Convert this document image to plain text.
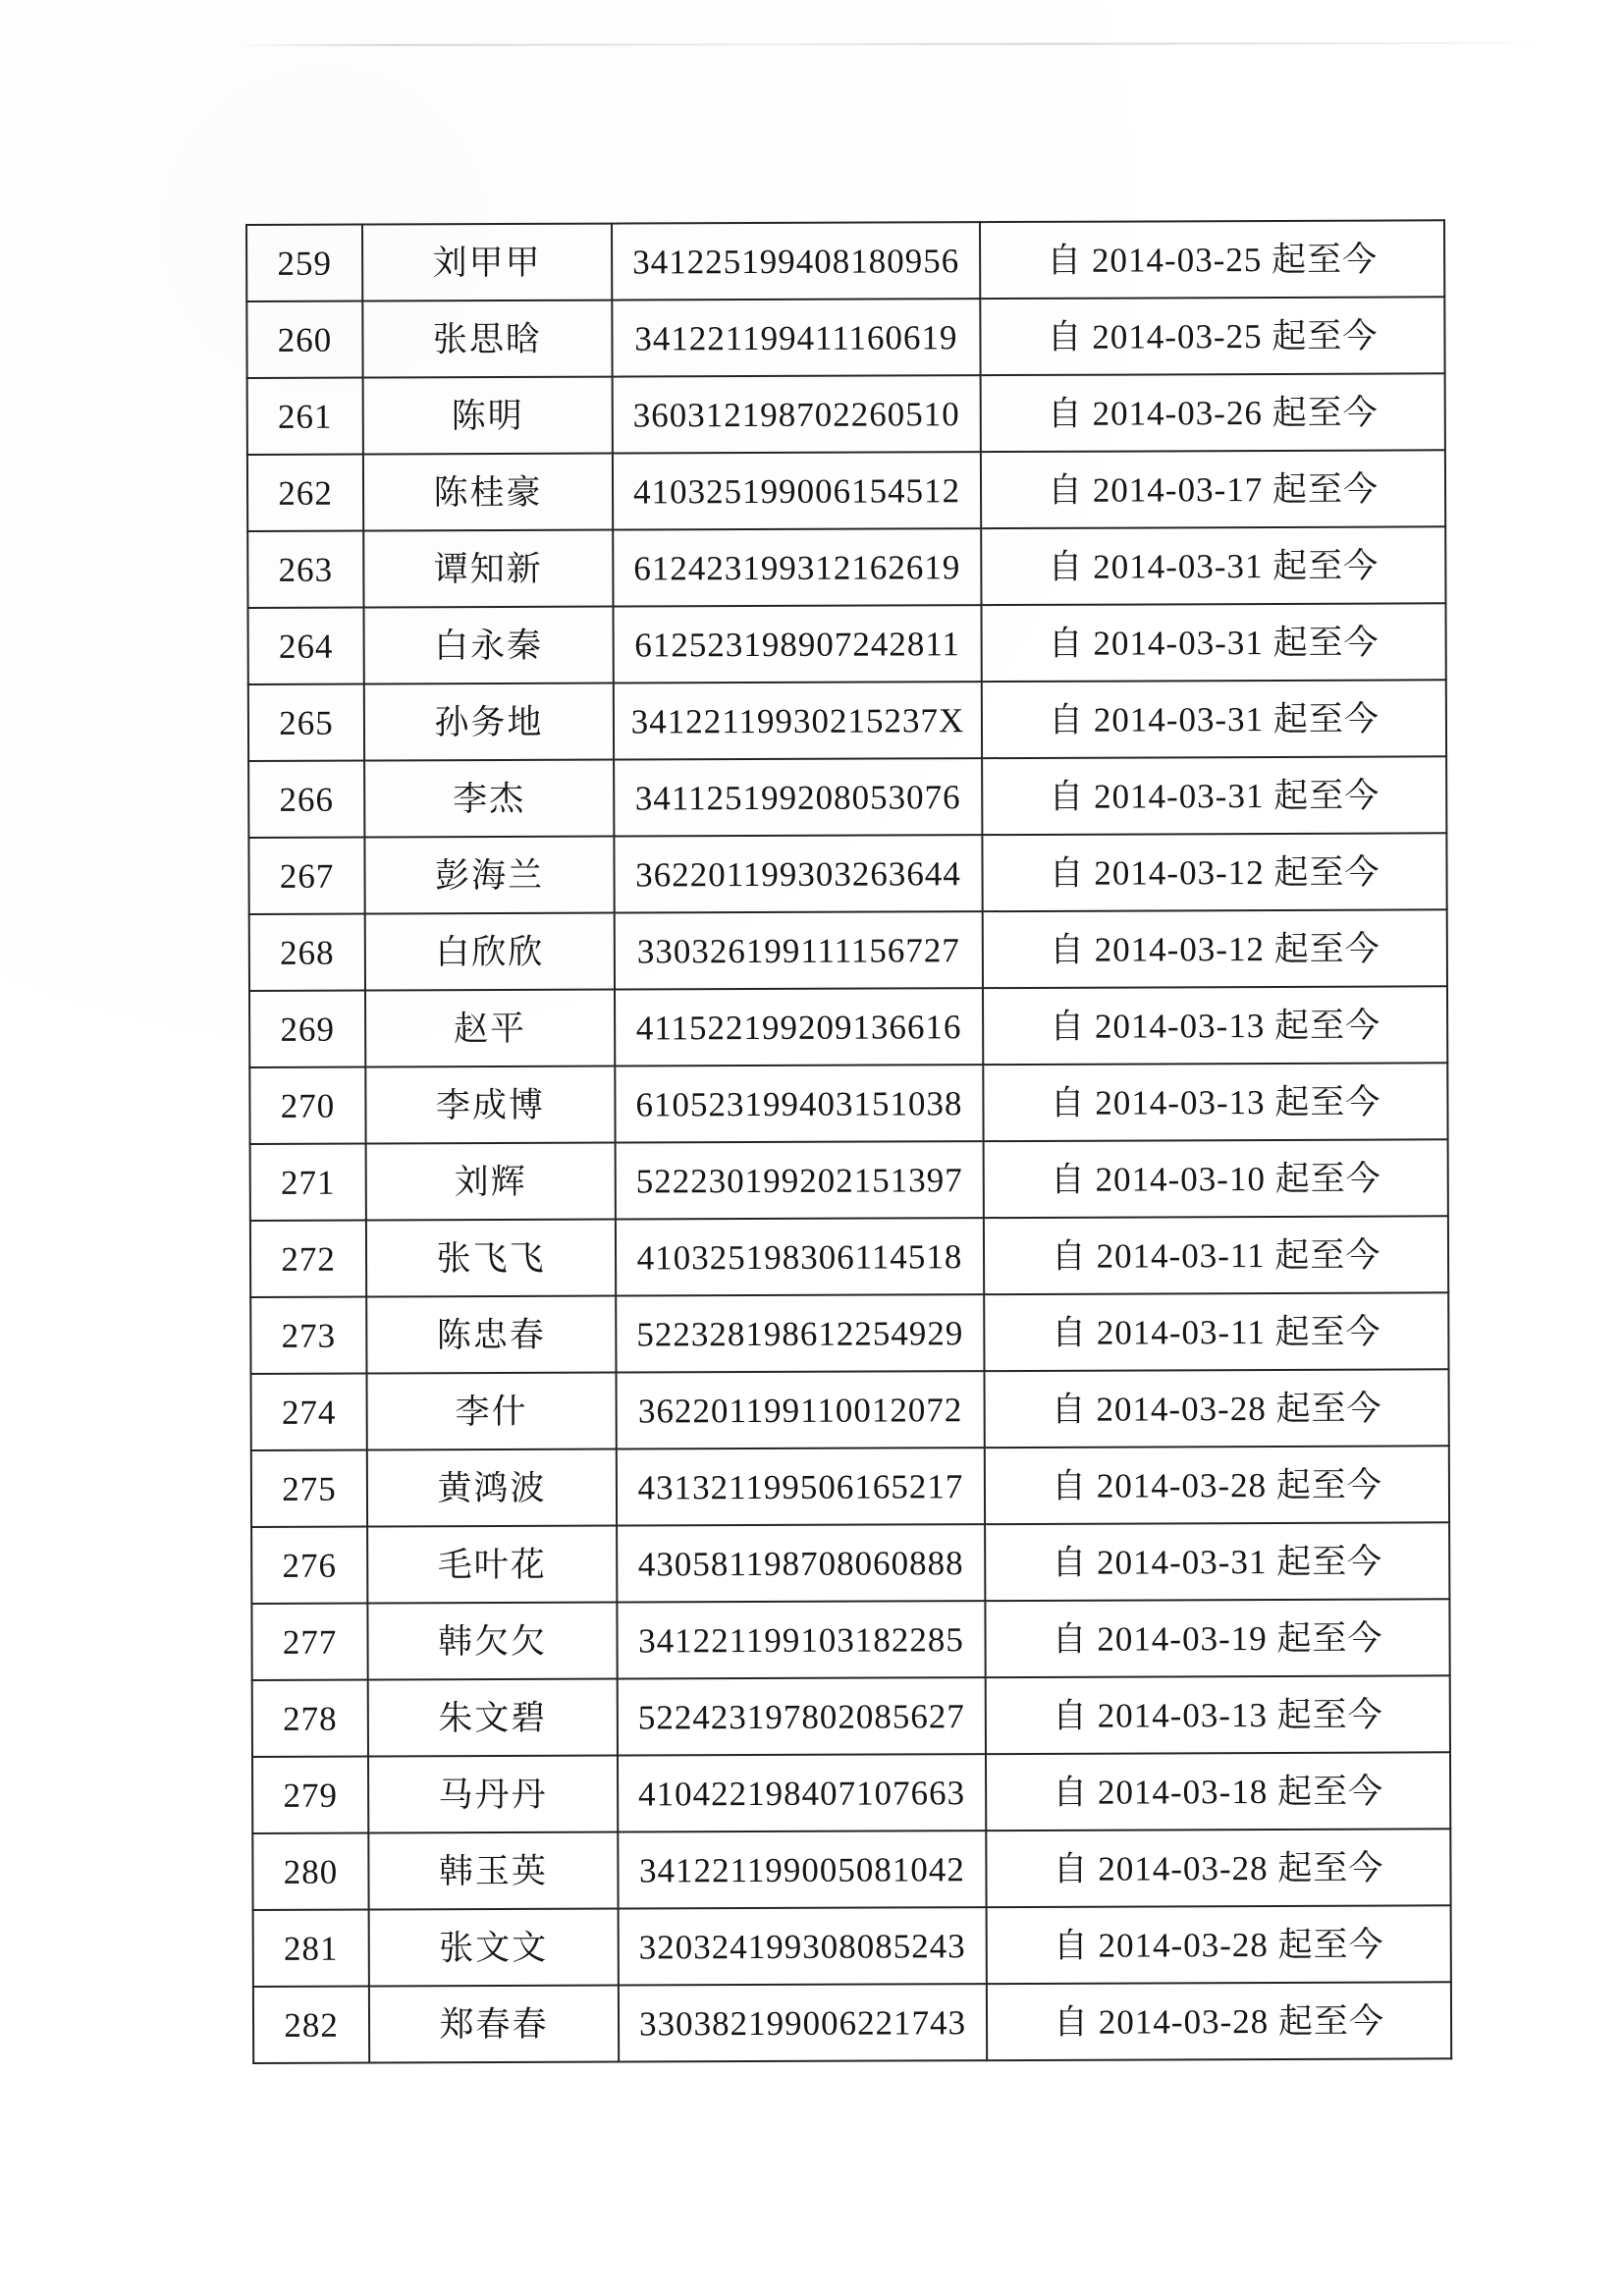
259	刘甲甲	341225199408180956	自 2014-03-25 起至今
260	张思晗	341221199411160619	自 2014-03-25 起至今
261	陈明	360312198702260510	自 2014-03-26 起至今
262	陈桂豪	410325199006154512	自 2014-03-17 起至今
263	谭知新	612423199312162619	自 2014-03-31 起至今
264	白永秦	612523198907242811	自 2014-03-31 起至今
265	孙务地	34122119930215237X	自 2014-03-31 起至今
266	李杰	341125199208053076	自 2014-03-31 起至今
267	彭海兰	362201199303263644	自 2014-03-12 起至今
268	白欣欣	330326199111156727	自 2014-03-12 起至今
269	赵平	411522199209136616	自 2014-03-13 起至今
270	李成博	610523199403151038	自 2014-03-13 起至今
271	刘辉	522230199202151397	自 2014-03-10 起至今
272	张飞飞	410325198306114518	自 2014-03-11 起至今
273	陈忠春	522328198612254929	自 2014-03-11 起至今
274	李什	362201199110012072	自 2014-03-28 起至今
275	黄鸿波	431321199506165217	自 2014-03-28 起至今
276	毛叶花	430581198708060888	自 2014-03-31 起至今
277	韩欠欠	341221199103182285	自 2014-03-19 起至今
278	朱文碧	522423197802085627	自 2014-03-13 起至今
279	马丹丹	410422198407107663	自 2014-03-18 起至今
280	韩玉英	341221199005081042	自 2014-03-28 起至今
281	张文文	320324199308085243	自 2014-03-28 起至今
282	郑春春	330382199006221743	自 2014-03-28 起至今
